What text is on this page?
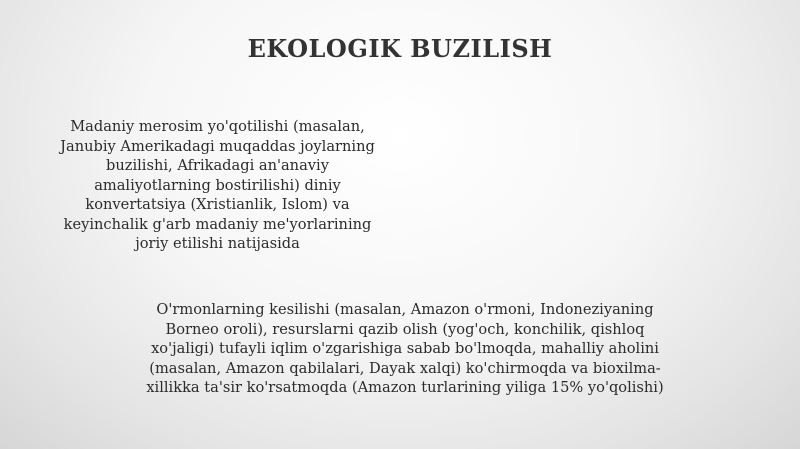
EKOLOGIK BUZILISH
Madaniy merosim yo'qotilishi (masalan,
Janubiy Amerikadagi muqaddas joylarning
buzilishi, Afrikadagi an'anaviy
amaliyotlarning bostirilishi) diniy
konvertatsiya (Xristianlik, Islom) va
keyinchalik g'arb madaniy me'yorlarining
joriy etilishi natijasida
O'rmonlarning kesilishi (masalan, Amazon o'rmoni, Indoneziyaning
Borneo oroli), resurslarni qazib olish (yog'och, konchilik, qishloq
xo'jaligi) tufayli iqlim o'zgarishiga sabab bo'lmoqda, mahalliy aholini
(masalan, Amazon qabilalari, Dayak xalqi) ko'chirmoqda va bioxilma-
xillikka ta'sir ko'rsatmoqda (Amazon turlarining yiliga 15% yo'qolishi)
